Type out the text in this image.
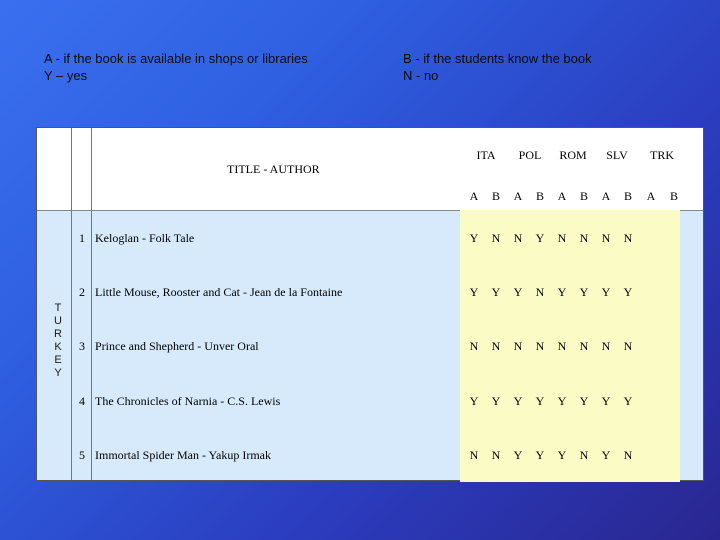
A - if the book is available in shops or libraries
Y – yes
B - if the students know the book
N - no
TITLE - AUTHOR
ITA	POL	ROM	SLV	TRK
A B A B A B A B A B
T
U
R
K
E
Y
1 Keloglan - Folk Tale	Y N N Y N N N N
2 Little Mouse, Rooster and Cat - Jean de la Fontaine	Y Y Y N Y Y Y Y
3 Prince and Shepherd - Unver Oral	N N N N N N N N
4 The Chronicles of Narnia - C.S. Lewis	Y Y Y Y Y Y Y Y
5 Immortal Spider Man - Yakup Irmak	N N Y Y Y N Y N
